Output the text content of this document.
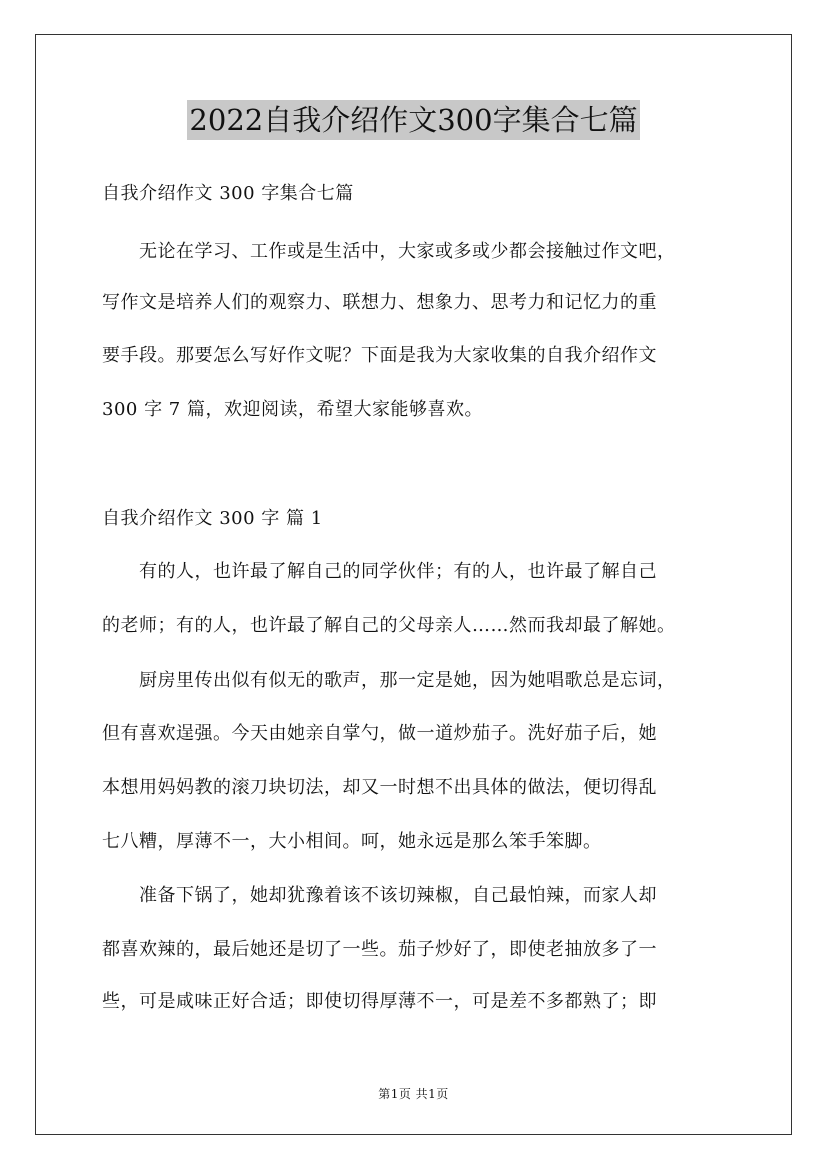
2022自我介绍作文300字集合七篇
自我介绍作文 300 字集合七篇
　　无论在学习、工作或是生活中，大家或多或少都会接触过作文吧，
写作文是培养人们的观察力、联想力、想象力、思考力和记忆力的重
要手段。那要怎么写好作文呢？下面是我为大家收集的自我介绍作文
300 字 7 篇，欢迎阅读，希望大家能够喜欢。
自我介绍作文 300 字 篇 1
　　有的人，也许最了解自己的同学伙伴；有的人，也许最了解自己
的老师；有的人，也许最了解自己的父母亲人……然而我却最了解她。
　　厨房里传出似有似无的歌声，那一定是她，因为她唱歌总是忘词，
但有喜欢逞强。今天由她亲自掌勺，做一道炒茄子。洗好茄子后，她
本想用妈妈教的滚刀块切法，却又一时想不出具体的做法，便切得乱
七八糟，厚薄不一，大小相间。呵，她永远是那么笨手笨脚。
　　准备下锅了，她却犹豫着该不该切辣椒，自己最怕辣，而家人却
都喜欢辣的，最后她还是切了一些。茄子炒好了，即使老抽放多了一
些，可是咸味正好合适；即使切得厚薄不一，可是差不多都熟了；即
第1页 共1页
